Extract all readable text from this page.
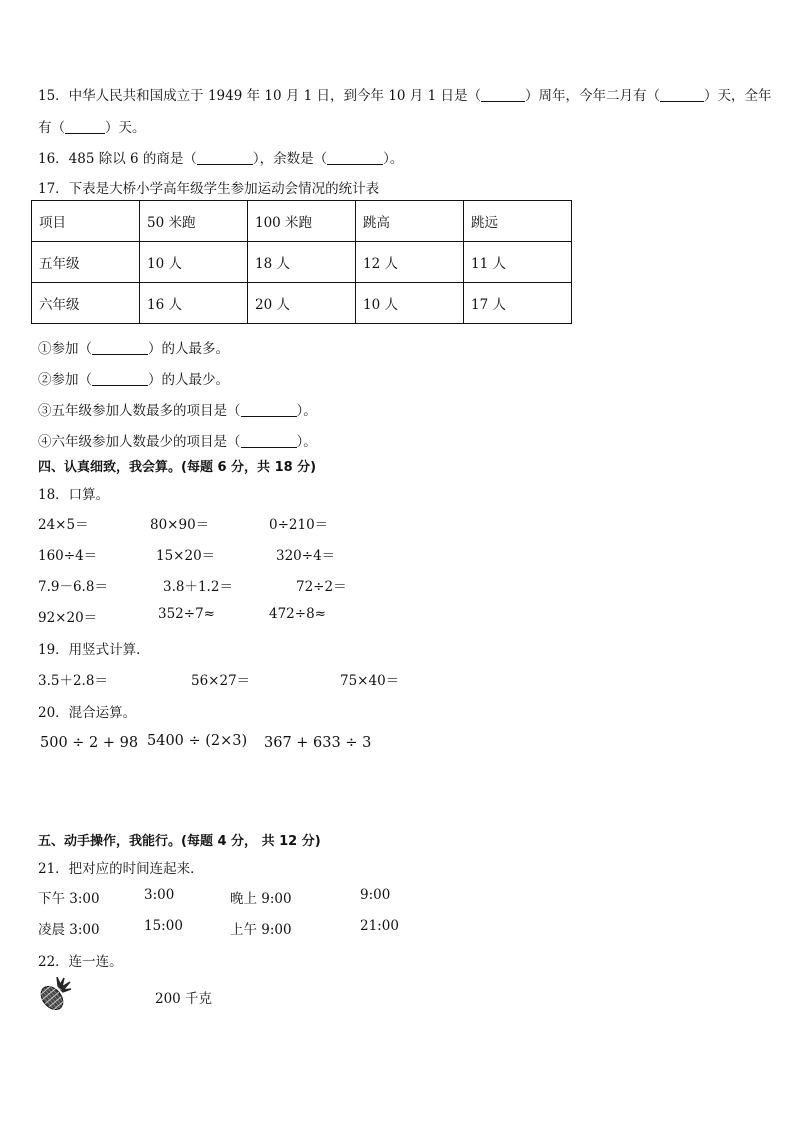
15．中华人民共和国成立于 1949 年 10 月 1 日，到今年 10 月 1 日是（	）周年，今年二月有（	）天，全年
有（	）天。
16．485 除以 6 的商是（	），余数是（	）。
17．下表是大桥小学高年级学生参加运动会情况的统计表
项目	50 米跑	100 米跑	跳高	跳远
五年级	10 人	18 人	12 人	11 人
六年级	16 人	20 人	10 人	17 人
①参加（	）的人最多。
②参加（	）的人最少。
③五年级参加人数最多的项目是（	）。
④六年级参加人数最少的项目是（	）。
四、认真细致，我会算。(每题 6 分，共 18 分)
18．口算。
24×5＝	80×90＝	0÷210＝
160÷4＝	15×20＝	320÷4＝
7.9－6.8＝	3.8＋1.2＝	72÷2＝
92×20＝	352÷7≈	472÷8≈
19．用竖式计算．
3.5＋2.8＝	56×27＝	75×40＝
20．混合运算。
500 ÷ 2 + 98 5400 ÷ (2×3) 367 + 633 ÷ 3
五、动手操作，我能行。(每题 4 分， 共 12 分)
21．把对应的时间连起来．
下午 3:00	3:00	晚上 9:00	9:00
凌晨 3:00	15:00	上午 9:00	21:00
22．连一连。
200 千克
